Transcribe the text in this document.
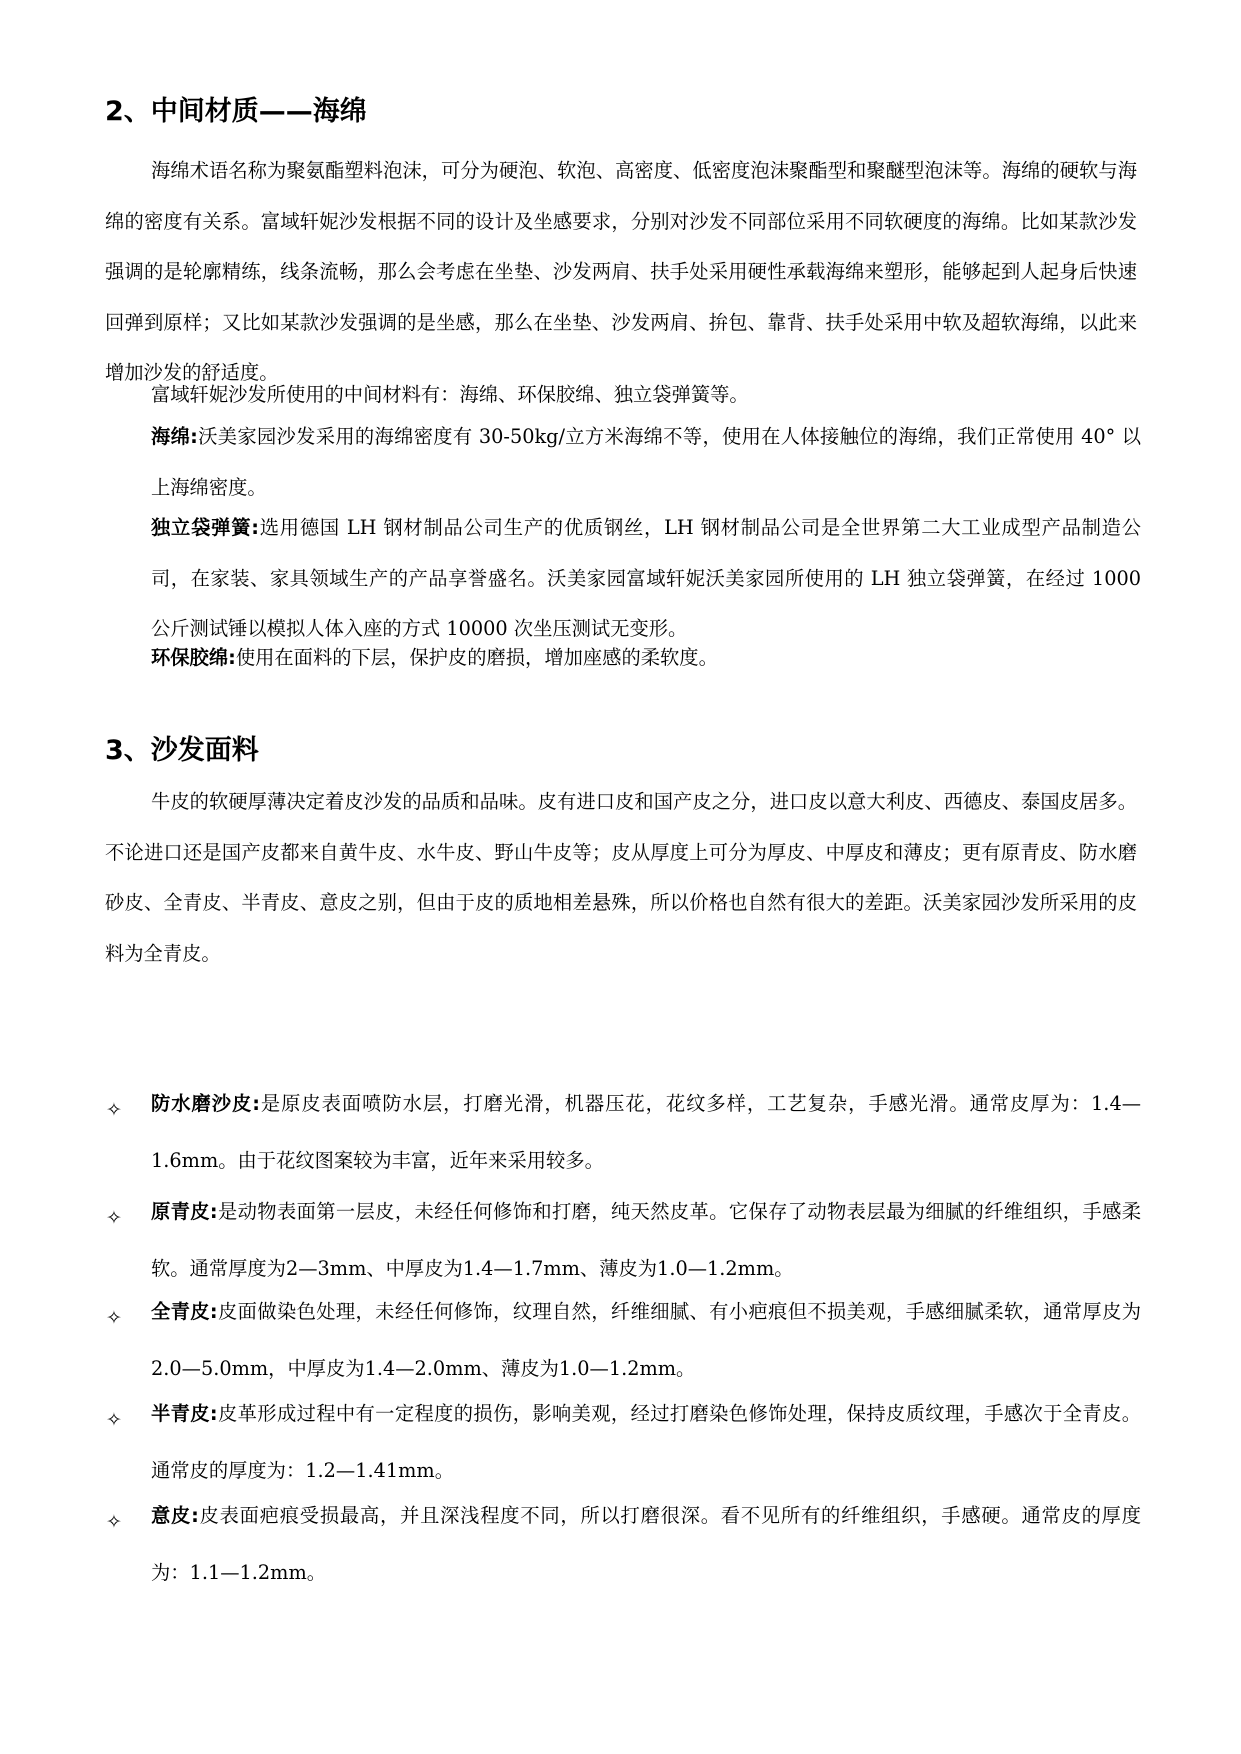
2、中间材质——海绵

海绵术语名称为聚氨酯塑料泡沫，可分为硬泡、软泡、高密度、低密度泡沫聚酯型和聚醚型泡沫等。海绵的硬软与海绵的密度有关系。富域轩妮沙发根据不同的设计及坐感要求，分别对沙发不同部位采用不同软硬度的海绵。比如某款沙发强调的是轮廓精练，线条流畅，那么会考虑在坐垫、沙发两肩、扶手处采用硬性承载海绵来塑形，能够起到人起身后快速回弹到原样；又比如某款沙发强调的是坐感，那么在坐垫、沙发两肩、拚包、靠背、扶手处采用中软及超软海绵，以此来增加沙发的舒适度。

富域轩妮沙发所使用的中间材料有：海绵、环保胶绵、独立袋弹簧等。

海绵:沃美家园沙发采用的海绵密度有 30-50kg/立方米海绵不等，使用在人体接触位的海绵，我们正常使用 40° 以上海绵密度。

独立袋弹簧:选用德国 LH 钢材制品公司生产的优质钢丝，LH 钢材制品公司是全世界第二大工业成型产品制造公司，在家装、家具领域生产的产品享誉盛名。沃美家园富域轩妮沃美家园所使用的 LH 独立袋弹簧，在经过 1000 公斤测试锤以模拟人体入座的方式 10000 次坐压测试无变形。

环保胶绵:使用在面料的下层，保护皮的磨损，增加座感的柔软度。

3、沙发面料

牛皮的软硬厚薄决定着皮沙发的品质和品味。皮有进口皮和国产皮之分，进口皮以意大利皮、西德皮、泰国皮居多。不论进口还是国产皮都来自黄牛皮、水牛皮、野山牛皮等；皮从厚度上可分为厚皮、中厚皮和薄皮；更有原青皮、防水磨砂皮、全青皮、半青皮、意皮之别，但由于皮的质地相差悬殊，所以价格也自然有很大的差距。沃美家园沙发所采用的皮料为全青皮。

✧ 防水磨沙皮:是原皮表面喷防水层，打磨光滑，机器压花，花纹多样，工艺复杂，手感光滑。通常皮厚为：1.4—1.6mm。由于花纹图案较为丰富，近年来采用较多。

✧ 原青皮:是动物表面第一层皮，未经任何修饰和打磨，纯天然皮革。它保存了动物表层最为细腻的纤维组织，手感柔软。通常厚度为2—3mm、中厚皮为1.4—1.7mm、薄皮为1.0—1.2mm。

✧ 全青皮:皮面做染色处理，未经任何修饰，纹理自然，纤维细腻、有小疤痕但不损美观，手感细腻柔软，通常厚皮为2.0—5.0mm，中厚皮为1.4—2.0mm、薄皮为1.0—1.2mm。

✧ 半青皮:皮革形成过程中有一定程度的损伤，影响美观，经过打磨染色修饰处理，保持皮质纹理，手感次于全青皮。通常皮的厚度为：1.2—1.41mm。

✧ 意皮:皮表面疤痕受损最高，并且深浅程度不同，所以打磨很深。看不见所有的纤维组织，手感硬。通常皮的厚度为：1.1—1.2mm。
